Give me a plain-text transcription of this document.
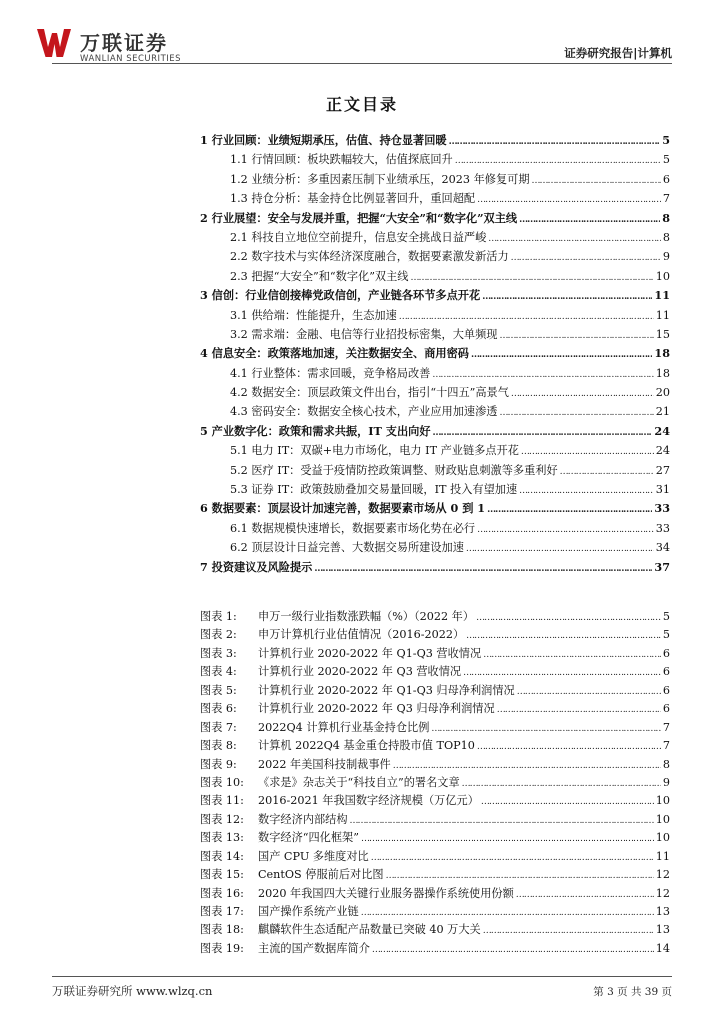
万联证券
WANLIAN SECURITIES	证券研究报告|计算机
正文目录
1 行业回顾：业绩短期承压，估值、持仓显著回暖 ……………………………………………………………………………………………………………………………………………………………………………………………………………………………………………………	5
1.1 行情回顾：板块跌幅较大，估值探底回升 ……………………………………………………………………………………………………………………………………………………………………………………………………………………………………………………	5
1.2 业绩分析：多重因素压制下业绩承压，2023 年修复可期 ……………………………………………………………………………………………………………………………………………………………………………………………………………………………………………………	6
1.3 持仓分析：基金持仓比例显著回升，重回超配 ……………………………………………………………………………………………………………………………………………………………………………………………………………………………………………………	7
2 行业展望：安全与发展并重，把握“大安全”和“数字化”双主线 ……………………………………………………………………………………………………………………………………………………………………………………………………………………………………………………	8
2.1 科技自立地位空前提升，信息安全挑战日益严峻 ……………………………………………………………………………………………………………………………………………………………………………………………………………………………………………………	8
2.2 数字技术与实体经济深度融合，数据要素激发新活力 ……………………………………………………………………………………………………………………………………………………………………………………………………………………………………………………	9
2.3 把握“大安全”和“数字化”双主线 ……………………………………………………………………………………………………………………………………………………………………………………………………………………………………………………	10
3 信创：行业信创接棒党政信创，产业链各环节多点开花 ……………………………………………………………………………………………………………………………………………………………………………………………………………………………………………………	11
3.1 供给端：性能提升，生态加速 ……………………………………………………………………………………………………………………………………………………………………………………………………………………………………………………	11
3.2 需求端：金融、电信等行业招投标密集，大单频现 ……………………………………………………………………………………………………………………………………………………………………………………………………………………………………………………	15
4 信息安全：政策落地加速，关注数据安全、商用密码 ……………………………………………………………………………………………………………………………………………………………………………………………………………………………………………………	18
4.1 行业整体：需求回暖，竞争格局改善 ……………………………………………………………………………………………………………………………………………………………………………………………………………………………………………………	18
4.2 数据安全：顶层政策文件出台，指引“十四五”高景气 ……………………………………………………………………………………………………………………………………………………………………………………………………………………………………………………	20
4.3 密码安全：数据安全核心技术，产业应用加速渗透 ……………………………………………………………………………………………………………………………………………………………………………………………………………………………………………………	21
5 产业数字化：政策和需求共振，IT 支出向好 ……………………………………………………………………………………………………………………………………………………………………………………………………………………………………………………	24
5.1 电力 IT：双碳+电力市场化，电力 IT 产业链多点开花 ……………………………………………………………………………………………………………………………………………………………………………………………………………………………………………………	24
5.2 医疗 IT：受益于疫情防控政策调整、财政贴息刺激等多重利好 ……………………………………………………………………………………………………………………………………………………………………………………………………………………………………………………	27
5.3 证券 IT：政策鼓励叠加交易量回暖，IT 投入有望加速 ……………………………………………………………………………………………………………………………………………………………………………………………………………………………………………………	31
6 数据要素：顶层设计加速完善，数据要素市场从 0 到 1 ……………………………………………………………………………………………………………………………………………………………………………………………………………………………………………………	33
6.1 数据规模快速增长，数据要素市场化势在必行 ……………………………………………………………………………………………………………………………………………………………………………………………………………………………………………………	33
6.2 顶层设计日益完善、大数据交易所建设加速 ……………………………………………………………………………………………………………………………………………………………………………………………………………………………………………………	34
7 投资建议及风险提示 ……………………………………………………………………………………………………………………………………………………………………………………………………………………………………………………	37
图表 1:	申万一级行业指数涨跌幅（%）（2022 年） ……………………………………………………………………………………………………………………………………………………………………………………………………………………………………………………	5
图表 2:	申万计算机行业估值情况（2016-2022） ……………………………………………………………………………………………………………………………………………………………………………………………………………………………………………………	5
图表 3:	计算机行业 2020-2022 年 Q1-Q3 营收情况 ……………………………………………………………………………………………………………………………………………………………………………………………………………………………………………………	6
图表 4:	计算机行业 2020-2022 年 Q3 营收情况 ……………………………………………………………………………………………………………………………………………………………………………………………………………………………………………………	6
图表 5:	计算机行业 2020-2022 年 Q1-Q3 归母净利润情况 ……………………………………………………………………………………………………………………………………………………………………………………………………………………………………………………	6
图表 6:	计算机行业 2020-2022 年 Q3 归母净利润情况 ……………………………………………………………………………………………………………………………………………………………………………………………………………………………………………………	6
图表 7:	2022Q4 计算机行业基金持仓比例 ……………………………………………………………………………………………………………………………………………………………………………………………………………………………………………………	7
图表 8:	计算机 2022Q4 基金重仓持股市值 TOP10 ……………………………………………………………………………………………………………………………………………………………………………………………………………………………………………………	7
图表 9:	2022 年美国科技制裁事件 ……………………………………………………………………………………………………………………………………………………………………………………………………………………………………………………	8
图表 10:	《求是》杂志关于“科技自立”的署名文章 ……………………………………………………………………………………………………………………………………………………………………………………………………………………………………………………	9
图表 11:	2016-2021 年我国数字经济规模（万亿元） ……………………………………………………………………………………………………………………………………………………………………………………………………………………………………………………	10
图表 12:	数字经济内部结构 ……………………………………………………………………………………………………………………………………………………………………………………………………………………………………………………	10
图表 13:	数字经济“四化框架” ……………………………………………………………………………………………………………………………………………………………………………………………………………………………………………………	10
图表 14:	国产 CPU 多维度对比 ……………………………………………………………………………………………………………………………………………………………………………………………………………………………………………………	11
图表 15:	CentOS 停服前后对比图 ……………………………………………………………………………………………………………………………………………………………………………………………………………………………………………………	12
图表 16:	2020 年我国四大关键行业服务器操作系统使用份额 ……………………………………………………………………………………………………………………………………………………………………………………………………………………………………………………	12
图表 17:	国产操作系统产业链 ……………………………………………………………………………………………………………………………………………………………………………………………………………………………………………………	13
图表 18:	麒麟软件生态适配产品数量已突破 40 万大关 ……………………………………………………………………………………………………………………………………………………………………………………………………………………………………………………	13
图表 19:	主流的国产数据库简介 ……………………………………………………………………………………………………………………………………………………………………………………………………………………………………………………	14
万联证券研究所 www.wlzq.cn	第 3 页 共 39 页
